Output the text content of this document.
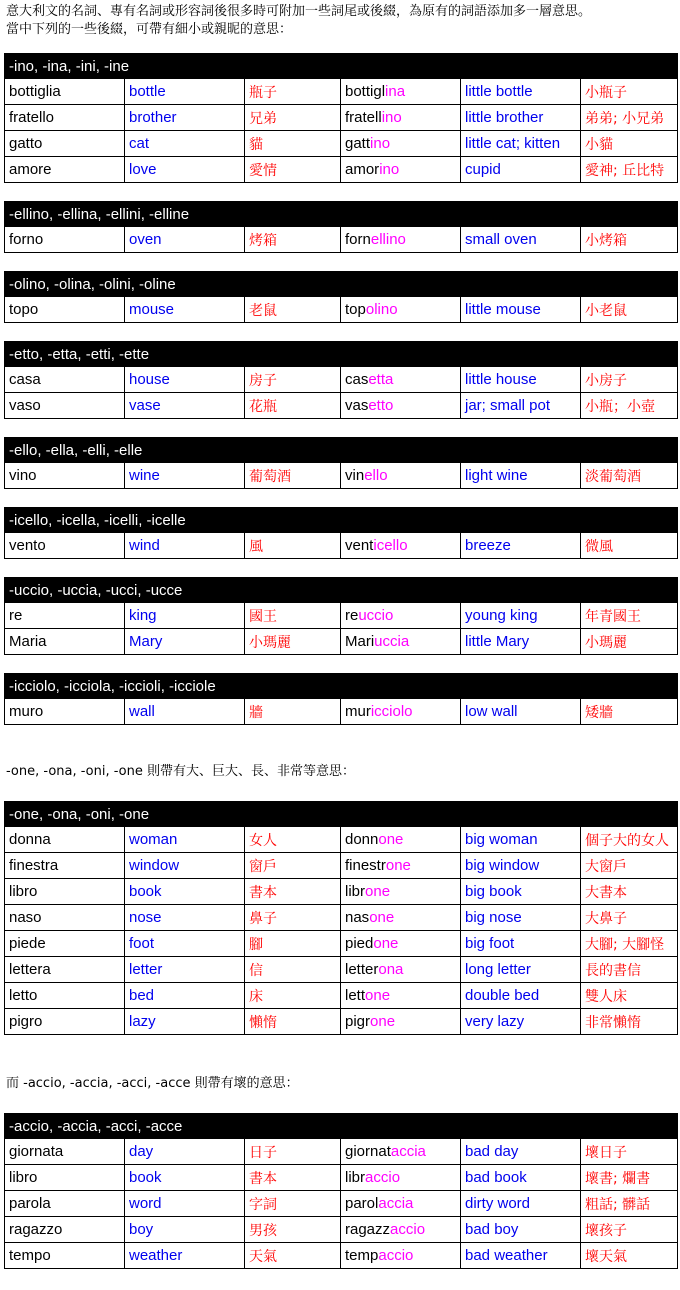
意大利文的名詞、專有名詞或形容詞後很多時可附加一些詞尾或後綴，為原有的詞語添加多一層意思。

當中下列的一些後綴，可帶有細小或親昵的意思：

-ino, -ina, -ini, -ine					
bottiglia	bottle	瓶子	bottiglina	little bottle	小瓶子
fratello	brother	兄弟	fratellino	little brother	弟弟; 小兄弟
gatto	cat	貓	gattino	little cat; kitten	小貓
amore	love	愛情	amorino	cupid	愛神; 丘比特
-ellino, -ellina, -ellini, -elline
forno	oven	烤箱	fornellino	small oven	小烤箱
-olino, -olina, -olini, -oline
topo	mouse	老鼠	topolino	little mouse	小老鼠
-etto, -etta, -etti, -ette					
casa	house	房子	casetta	little house	小房子
vaso	vase	花瓶	vasetto	jar; small pot	小瓶；小壺
-ello, -ella, -elli, -elle
vino	wine	葡萄酒	vinello	light wine	淡葡萄酒
-icello, -icella, -icelli, -icelle
vento	wind	風	venticello	breeze	微風
-uccio, -uccia, -ucci, -ucce					
re	king	國王	reuccio	young king	年青國王
Maria	Mary	小瑪麗	Mariuccia	little Mary	小瑪麗
-icciolo, -icciola, -iccioli, -icciole
muro	wall	牆	muricciolo	low wall	矮牆

-one, -ona, -oni, -one 則帶有大、巨大、長、非常等意思：

-one, -ona, -oni, -one					
donna	woman	女人	donnone	big woman	個子大的女人
finestra	window	窗戶	finestrone	big window	大窗戶
libro	book	書本	librone	big book	大書本
naso	nose	鼻子	nasone	big nose	大鼻子
piede	foot	腳	piedone	big foot	大腳; 大腳怪
lettera	letter	信	letterona	long letter	長的書信
letto	bed	床	lettone	double bed	雙人床
pigro	lazy	懶惰	pigrone	very lazy	非常懶惰

而 -accio, -accia, -acci, -acce 則帶有壞的意思：

-accio, -accia, -acci, -acce					
giornata	day	日子	giornataccia	bad day	壞日子
libro	book	書本	libraccio	bad book	壞書; 爛書
parola	word	字詞	parolaccia	dirty word	粗話; 髒話
ragazzo	boy	男孩	ragazzaccio	bad boy	壞孩子
tempo	weather	天氣	tempaccio	bad weather	壞天氣
